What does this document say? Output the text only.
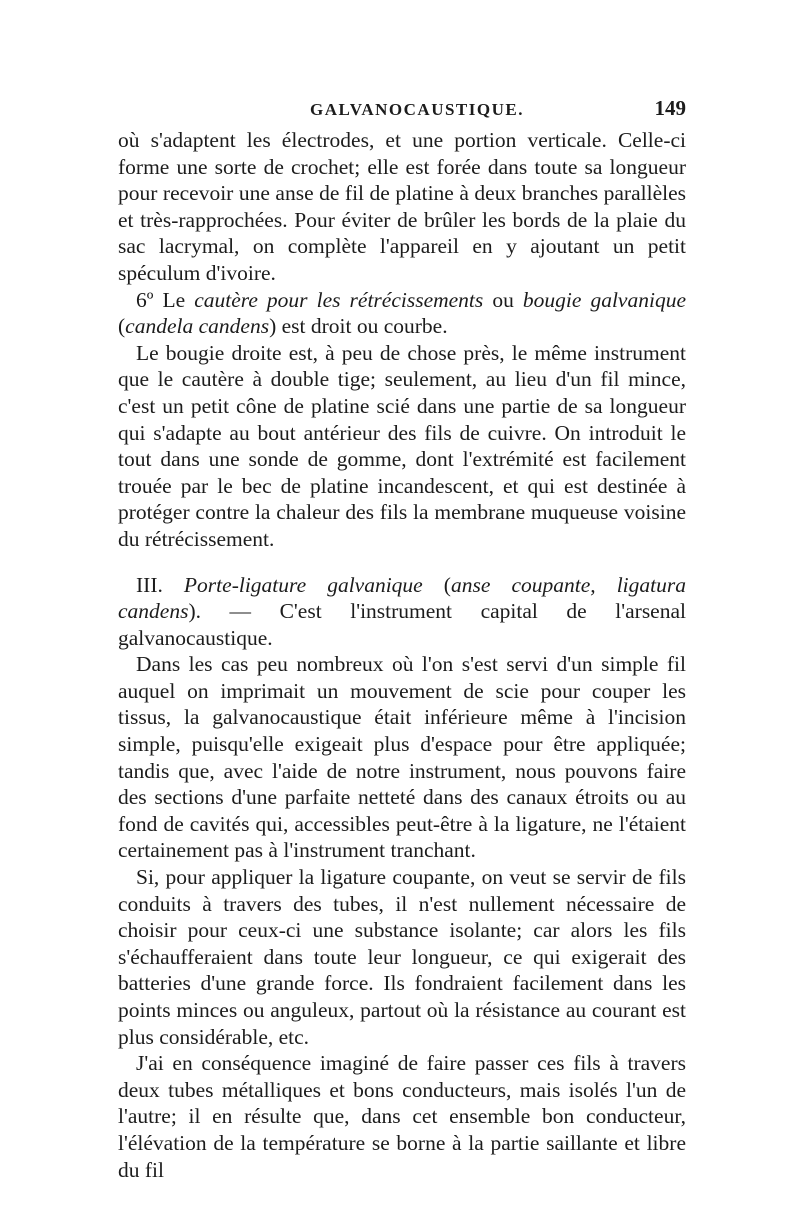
GALVANOCAUSTIQUE.	149

où s'adaptent les électrodes, et une portion verticale. Celle-ci forme une sorte de crochet; elle est forée dans toute sa longueur pour recevoir une anse de fil de platine à deux branches parallèles et très-rapprochées. Pour éviter de brûler les bords de la plaie du sac lacrymal, on complète l'appareil en y ajoutant un petit spéculum d'ivoire.

6º Le cautère pour les rétrécissements ou bougie galvanique (candela candens) est droit ou courbe.

Le bougie droite est, à peu de chose près, le même instrument que le cautère à double tige; seulement, au lieu d'un fil mince, c'est un petit cône de platine scié dans une partie de sa longueur qui s'adapte au bout antérieur des fils de cuivre. On introduit le tout dans une sonde de gomme, dont l'extrémité est facilement trouée par le bec de platine incandescent, et qui est destinée à protéger contre la chaleur des fils la membrane muqueuse voisine du rétrécissement.

III. Porte-ligature galvanique (anse coupante, ligatura candens). — C'est l'instrument capital de l'arsenal galvanocaustique.

Dans les cas peu nombreux où l'on s'est servi d'un simple fil auquel on imprimait un mouvement de scie pour couper les tissus, la galvanocaustique était inférieure même à l'incision simple, puisqu'elle exigeait plus d'espace pour être appliquée; tandis que, avec l'aide de notre instrument, nous pouvons faire des sections d'une parfaite netteté dans des canaux étroits ou au fond de cavités qui, accessibles peut-être à la ligature, ne l'étaient certainement pas à l'instrument tranchant.

Si, pour appliquer la ligature coupante, on veut se servir de fils conduits à travers des tubes, il n'est nullement nécessaire de choisir pour ceux-ci une substance isolante; car alors les fils s'échaufferaient dans toute leur longueur, ce qui exigerait des batteries d'une grande force. Ils fondraient facilement dans les points minces ou anguleux, partout où la résistance au courant est plus considérable, etc.

J'ai en conséquence imaginé de faire passer ces fils à travers deux tubes métalliques et bons conducteurs, mais isolés l'un de l'autre; il en résulte que, dans cet ensemble bon conducteur, l'élévation de la température se borne à la partie saillante et libre du fil
